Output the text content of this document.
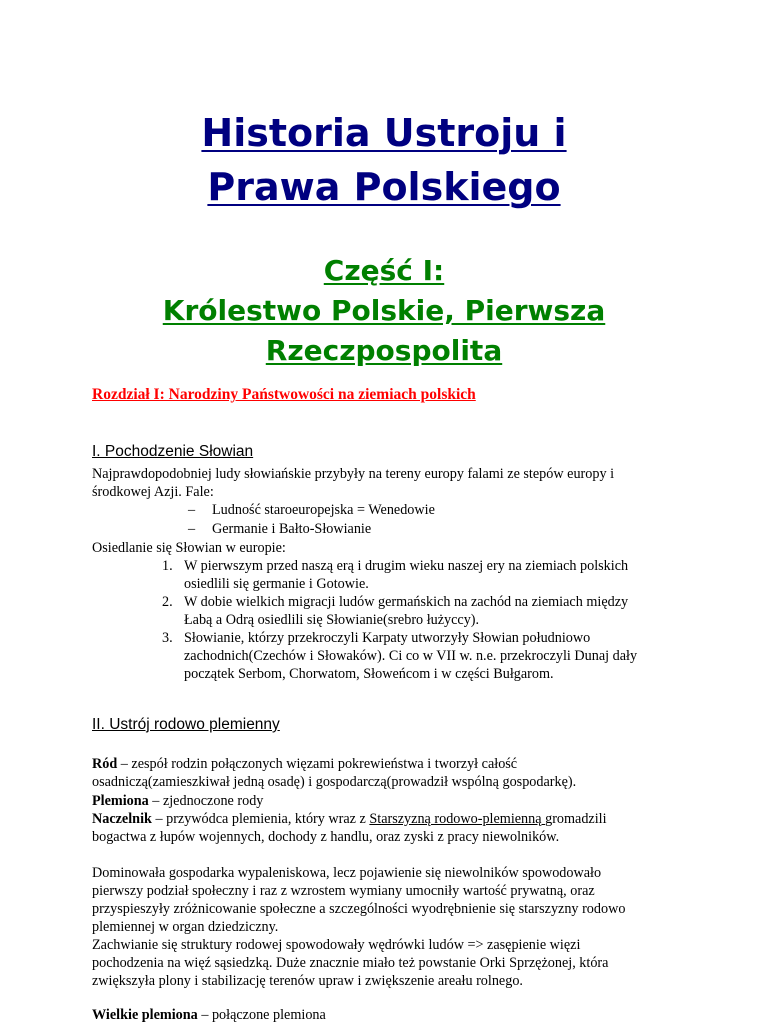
Historia Ustroju i
Prawa Polskiego
Część I:
Królestwo Polskie, Pierwsza
Rzeczpospolita
Rozdział I: Narodziny Państwowości na ziemiach polskich
I. Pochodzenie Słowian
Najprawdopodobniej ludy słowiańskie przybyły na tereny europy falami ze stepów europy i
środkowej Azji. Fale:
– Ludność staroeuropejska = Wenedowie
– Germanie i Bałto-Słowianie
Osiedlanie się Słowian w europie:
1. W pierwszym przed naszą erą i drugim wieku naszej ery na ziemiach polskich
osiedlili się germanie i Gotowie.
2. W dobie wielkich migracji ludów germańskich na zachód na ziemiach między
Łabą a Odrą osiedlili się Słowianie(srebro łużyccy).
3. Słowianie, którzy przekroczyli Karpaty utworzyły Słowian południowo
zachodnich(Czechów i Słowaków). Ci co w VII w. n.e. przekroczyli Dunaj dały
początek Serbom, Chorwatom, Słoweńcom i w części Bułgarom.
II. Ustrój rodowo plemienny
Ród – zespół rodzin połączonych więzami pokrewieństwa i tworzył całość
osadniczą(zamieszkiwał jedną osadę) i gospodarczą(prowadził wspólną gospodarkę).
Plemiona – zjednoczone rody
Naczelnik – przywódca plemienia, który wraz z Starszyzną rodowo-plemienną gromadzili
bogactwa z łupów wojennych, dochody z handlu, oraz zyski z pracy niewolników.
Dominowała gospodarka wypaleniskowa, lecz pojawienie się niewolników spowodowało
pierwszy podział społeczny i raz z wzrostem wymiany umocniły wartość prywatną, oraz
przyspieszyły zróżnicowanie społeczne a szczególności wyodrębnienie się starszyzny rodowo
plemiennej w organ dziedziczny.
Zachwianie się struktury rodowej spowodowały wędrówki ludów => zasępienie więzi
pochodzenia na więź sąsiedzką. Duże znacznie miało też powstanie Orki Sprzężonej, która
zwiększyła plony i stabilizację terenów upraw i zwiększenie areału rolnego.
Wielkie plemiona – połączone plemiona
